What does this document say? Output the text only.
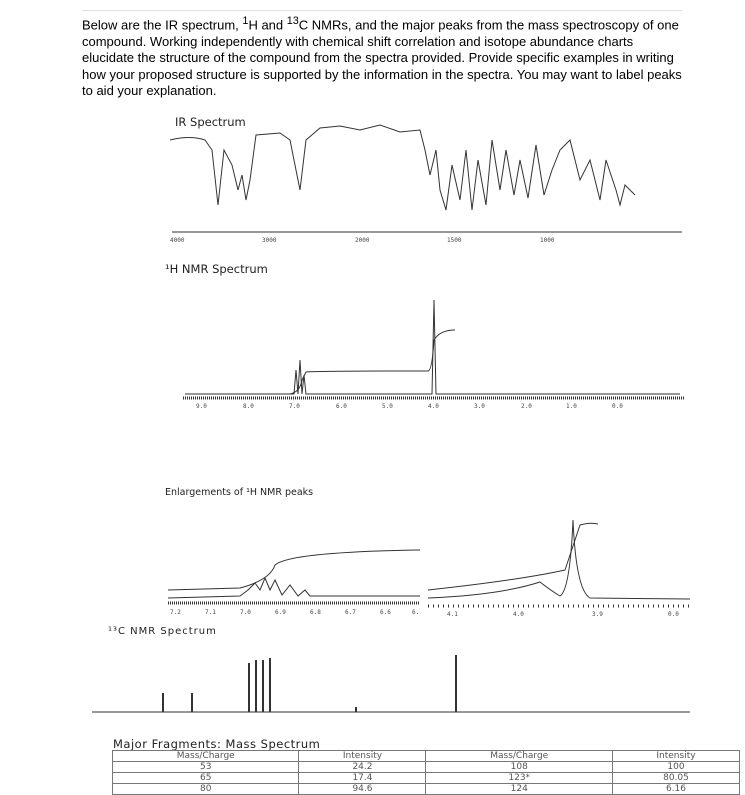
Below are the IR spectrum, $^1$H and $^{13}$C NMRs, and the major peaks from the mass spectroscopy of one compound. Working independently with chemical shift correlation and isotope abundance charts elucidate the structure of the compound from the spectra provided. Provide specific examples in writing how your proposed structure is supported by the information in the spectra. You may want to label peaks to aid your explanation.
IR Spectrum
¹H NMR Spectrum
Enlargements of ¹H NMR peaks
¹³C NMR Spectrum
Major Fragments: Mass Spectrum
4000	3000	2000	1500	1000
9.0	8.0	7.0	6.0	5.0	4.0	3.0	2.0	1.0	0.0
7.2	7.1	7.0	6.9	6.8	6.7	6.6	6.	4.1	4.0	3.9	0.0
Mass/Charge	Intensity	Mass/Charge	Intensity
53	24.2	108	100
65	17.4	123*	80.05
80	94.6	124	6.16
